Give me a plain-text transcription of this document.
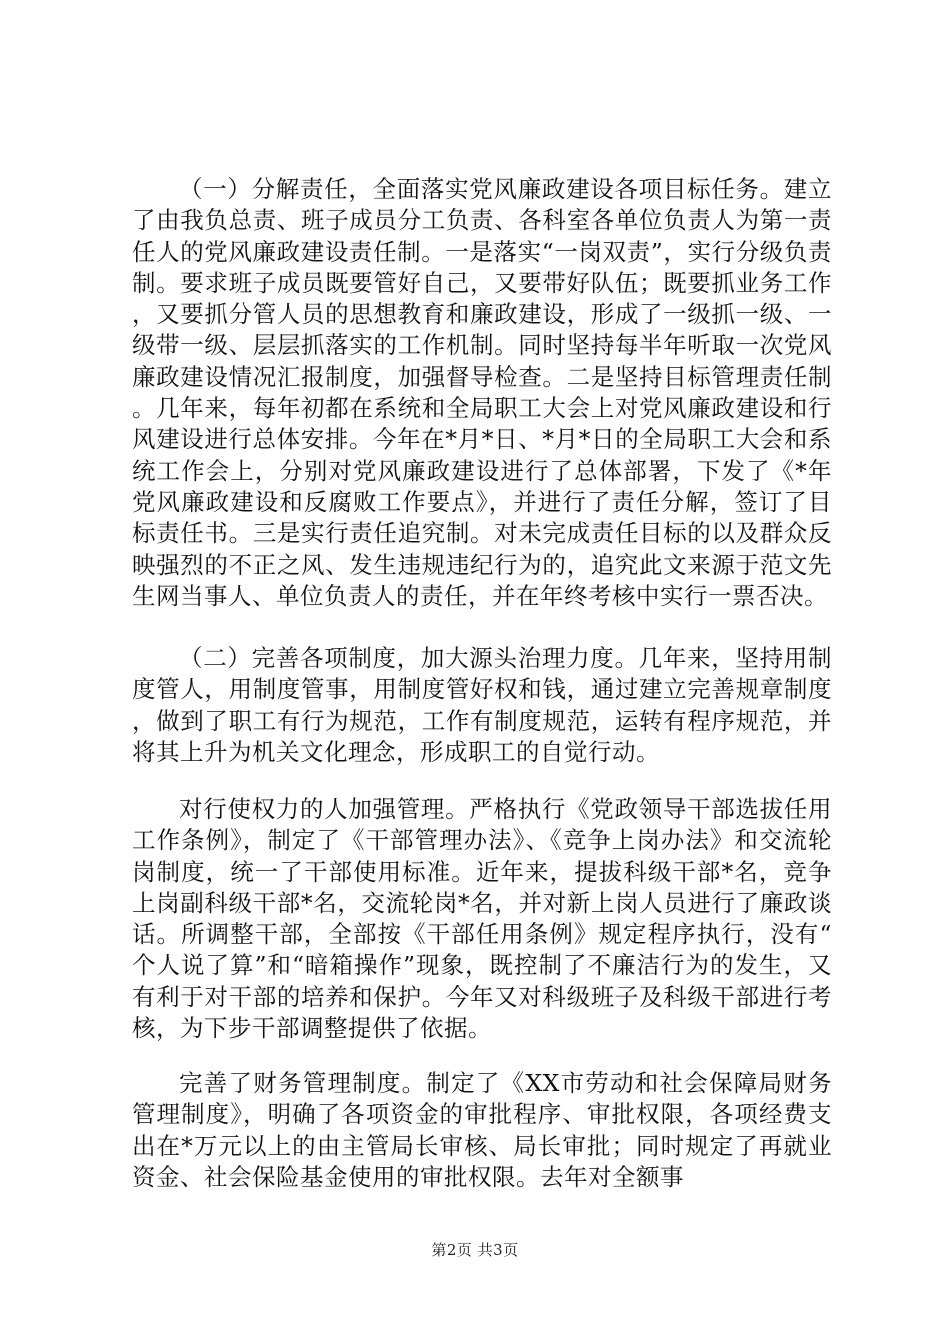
（一）分解责任，全面落实党风廉政建设各项目标任务。建立了由我负总责、班子成员分工负责、各科室各单位负责人为第一责任人的党风廉政建设责任制。一是落实“一岗双责”，实行分级负责制。要求班子成员既要管好自己，又要带好队伍；既要抓业务工作，又要抓分管人员的思想教育和廉政建设，形成了一级抓一级、一级带一级、层层抓落实的工作机制。同时坚持每半年听取一次党风廉政建设情况汇报制度，加强督导检查。二是坚持目标管理责任制。几年来，每年初都在系统和全局职工大会上对党风廉政建设和行风建设进行总体安排。今年在*月*日、*月*日的全局职工大会和系统工作会上，分别对党风廉政建设进行了总体部署，下发了《*年党风廉政建设和反腐败工作要点》，并进行了责任分解，签订了目标责任书。三是实行责任追究制。对未完成责任目标的以及群众反映强烈的不正之风、发生违规违纪行为的，追究此文来源于范文先生网当事人、单位负责人的责任，并在年终考核中实行一票否决。

（二）完善各项制度，加大源头治理力度。几年来，坚持用制度管人，用制度管事，用制度管好权和钱，通过建立完善规章制度，做到了职工有行为规范，工作有制度规范，运转有程序规范，并将其上升为机关文化理念，形成职工的自觉行动。

对行使权力的人加强管理。严格执行《党政领导干部选拔任用工作条例》，制定了《干部管理办法》、《竞争上岗办法》和交流轮岗制度，统一了干部使用标准。近年来，提拔科级干部*名，竞争上岗副科级干部*名，交流轮岗*名，并对新上岗人员进行了廉政谈话。所调整干部，全部按《干部任用条例》规定程序执行，没有“个人说了算”和“暗箱操作”现象，既控制了不廉洁行为的发生，又有利于对干部的培养和保护。今年又对科级班子及科级干部进行考核，为下步干部调整提供了依据。

完善了财务管理制度。制定了《XX市劳动和社会保障局财务管理制度》，明确了各项资金的审批程序、审批权限，各项经费支出在*万元以上的由主管局长审核、局长审批；同时规定了再就业资金、社会保险基金使用的审批权限。去年对全额事

第2页 共3页
